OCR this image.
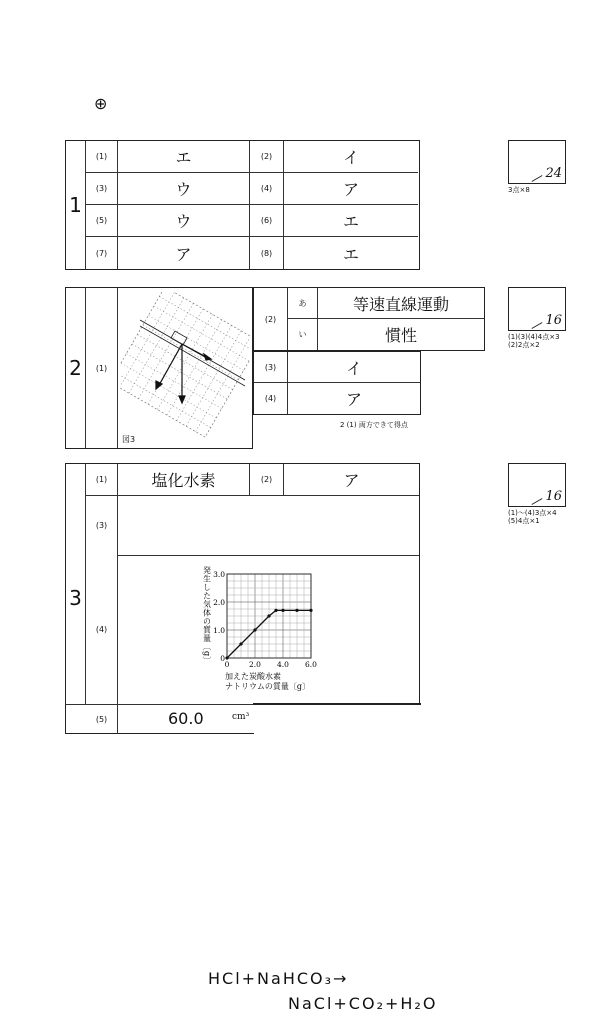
⊕
1
(1)	エ	(2)	イ
(3)	ウ	(4)	ア
(5)	ウ	(6)	エ
(7)	ア	(8)	エ
24
3点×8
2	(1)
図3
(2)
あ	等速直線運動
い	慣性
(3)	イ
(4)	ア
2 (1) 両方できて得点
16
(1)(3)(4)4点×3
(2)2点×2
3
(1)	塩化水素	(2)	ア
(3)
HCl+NaHCO₃→
NaCl+CO₂+H₂O
(4)
0	2.0 4.0 6.0
0
1.0
2.0
3.0
発生した気体の質量〔g〕
加えた炭酸水素
ナトリウムの質量〔g〕
(5)	60.0	cm³
16
(1)〜(4)3点×4
(5)4点×1
